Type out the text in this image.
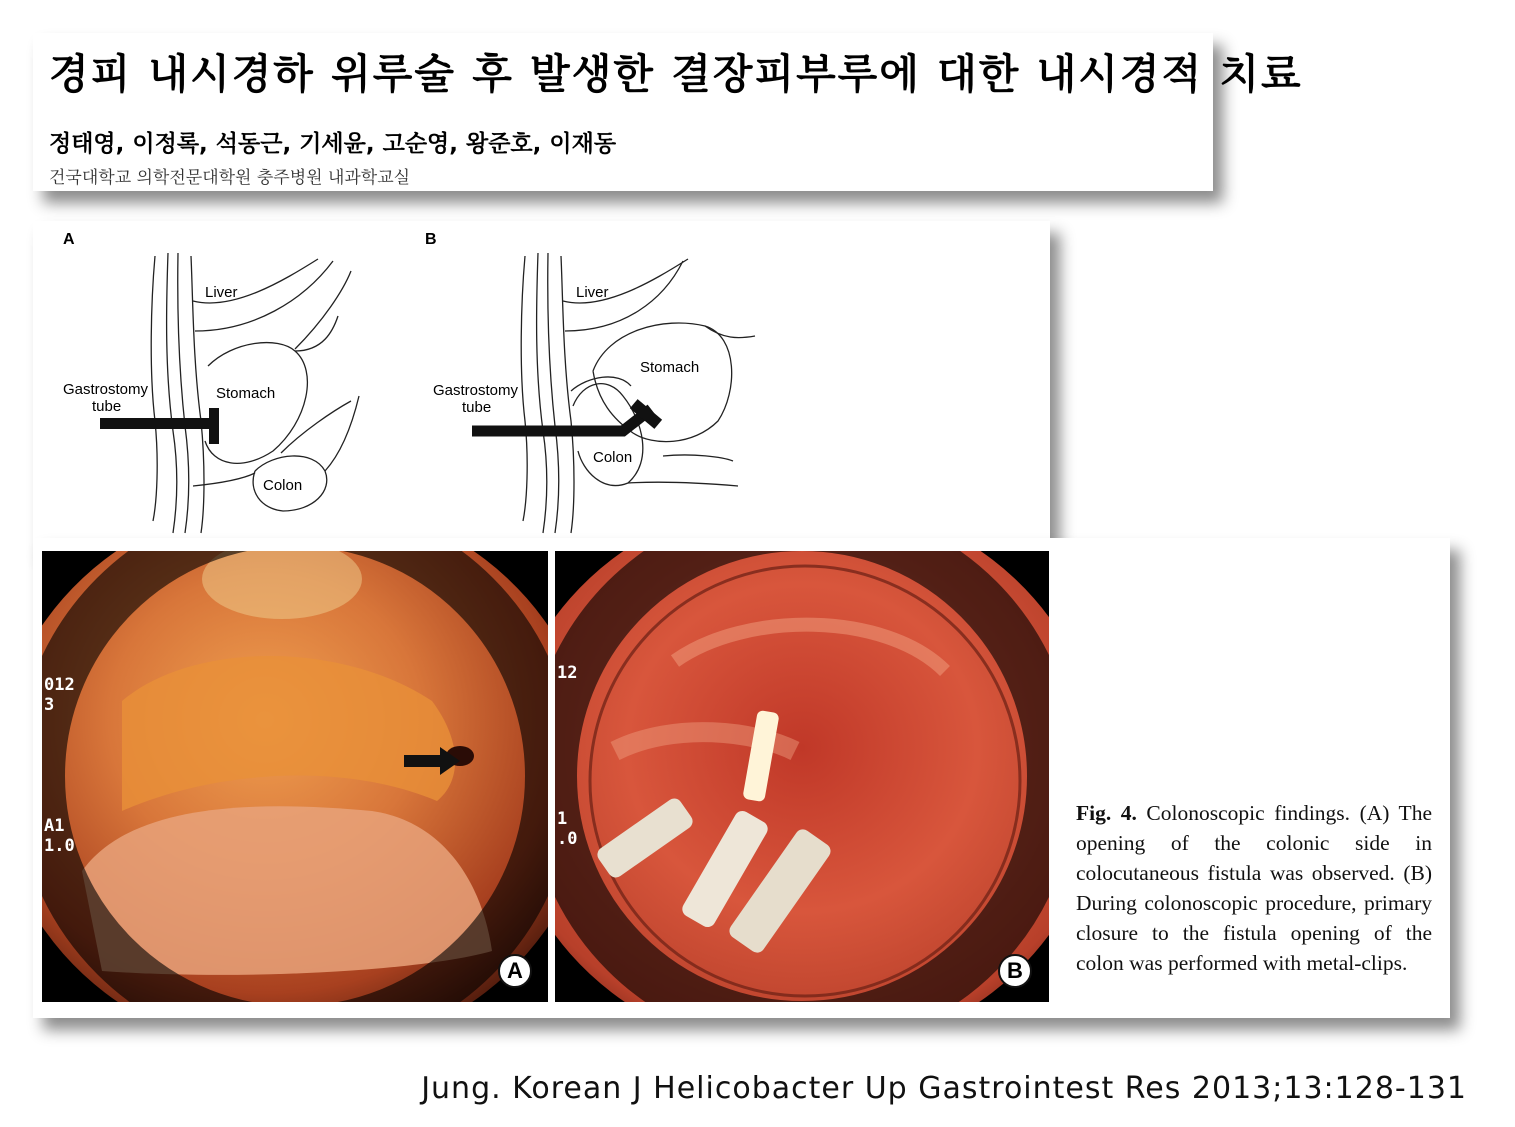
경피 내시경하 위루술 후 발생한 결장피부루에 대한 내시경적 치료
정태영, 이정록, 석동근, 기세윤, 고순영, 왕준호, 이재동
건국대학교 의학전문대학원 충주병원 내과학교실
A
Liver
Stomach
Colon
Gastrostomy
tube
B
Liver
Stomach
Colon
Gastrostomy
tube
012
3
A1
1.0
A
12
1
.0
B
Fig. 4. Colonoscopic findings. (A) The opening of the colonic side in colocutaneous fistula was observed. (B) During colonoscopic procedure, primary closure to the fistula opening of the colon was performed with metal-clips.
Jung. Korean J Helicobacter Up Gastrointest Res 2013;13:128-131
